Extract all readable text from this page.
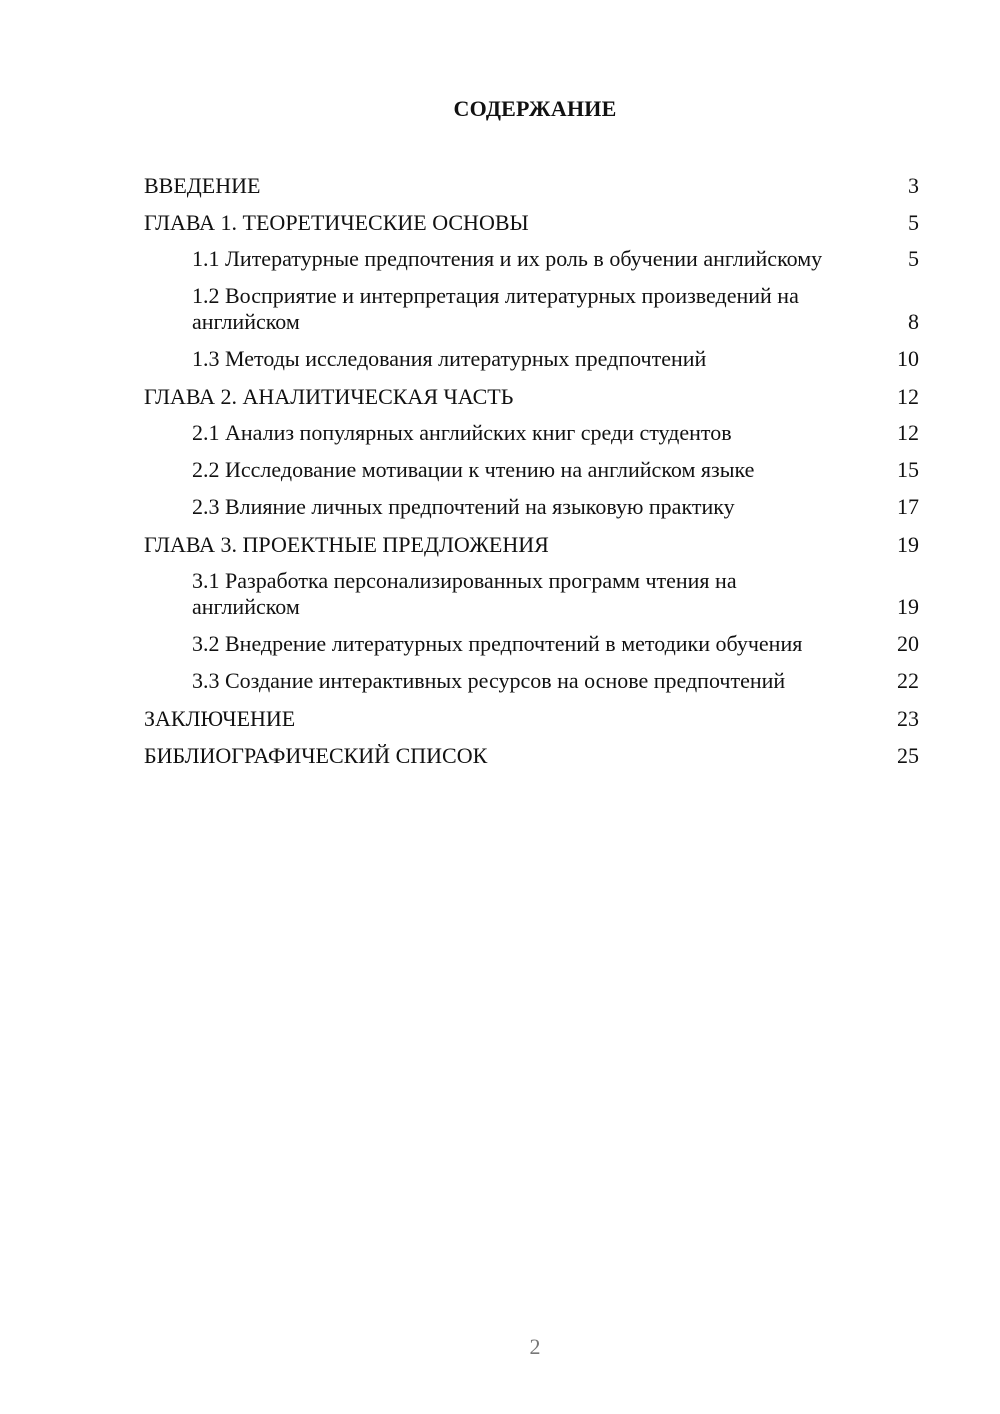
СОДЕРЖАНИЕ
ВВЕДЕНИЕ	3
ГЛАВА 1. ТЕОРЕТИЧЕСКИЕ ОСНОВЫ	5
1.1 Литературные предпочтения и их роль в обучении английскому	5
1.2 Восприятие и интерпретация литературных произведений на английском	8
1.3 Методы исследования литературных предпочтений	10
ГЛАВА 2. АНАЛИТИЧЕСКАЯ ЧАСТЬ	12
2.1 Анализ популярных английских книг среди студентов	12
2.2 Исследование мотивации к чтению на английском языке	15
2.3 Влияние личных предпочтений на языковую практику	17
ГЛАВА 3. ПРОЕКТНЫЕ ПРЕДЛОЖЕНИЯ	19
3.1 Разработка персонализированных программ чтения на английском	19
3.2 Внедрение литературных предпочтений в методики обучения	20
3.3 Создание интерактивных ресурсов на основе предпочтений	22
ЗАКЛЮЧЕНИЕ	23
БИБЛИОГРАФИЧЕСКИЙ СПИСОК	25
2
